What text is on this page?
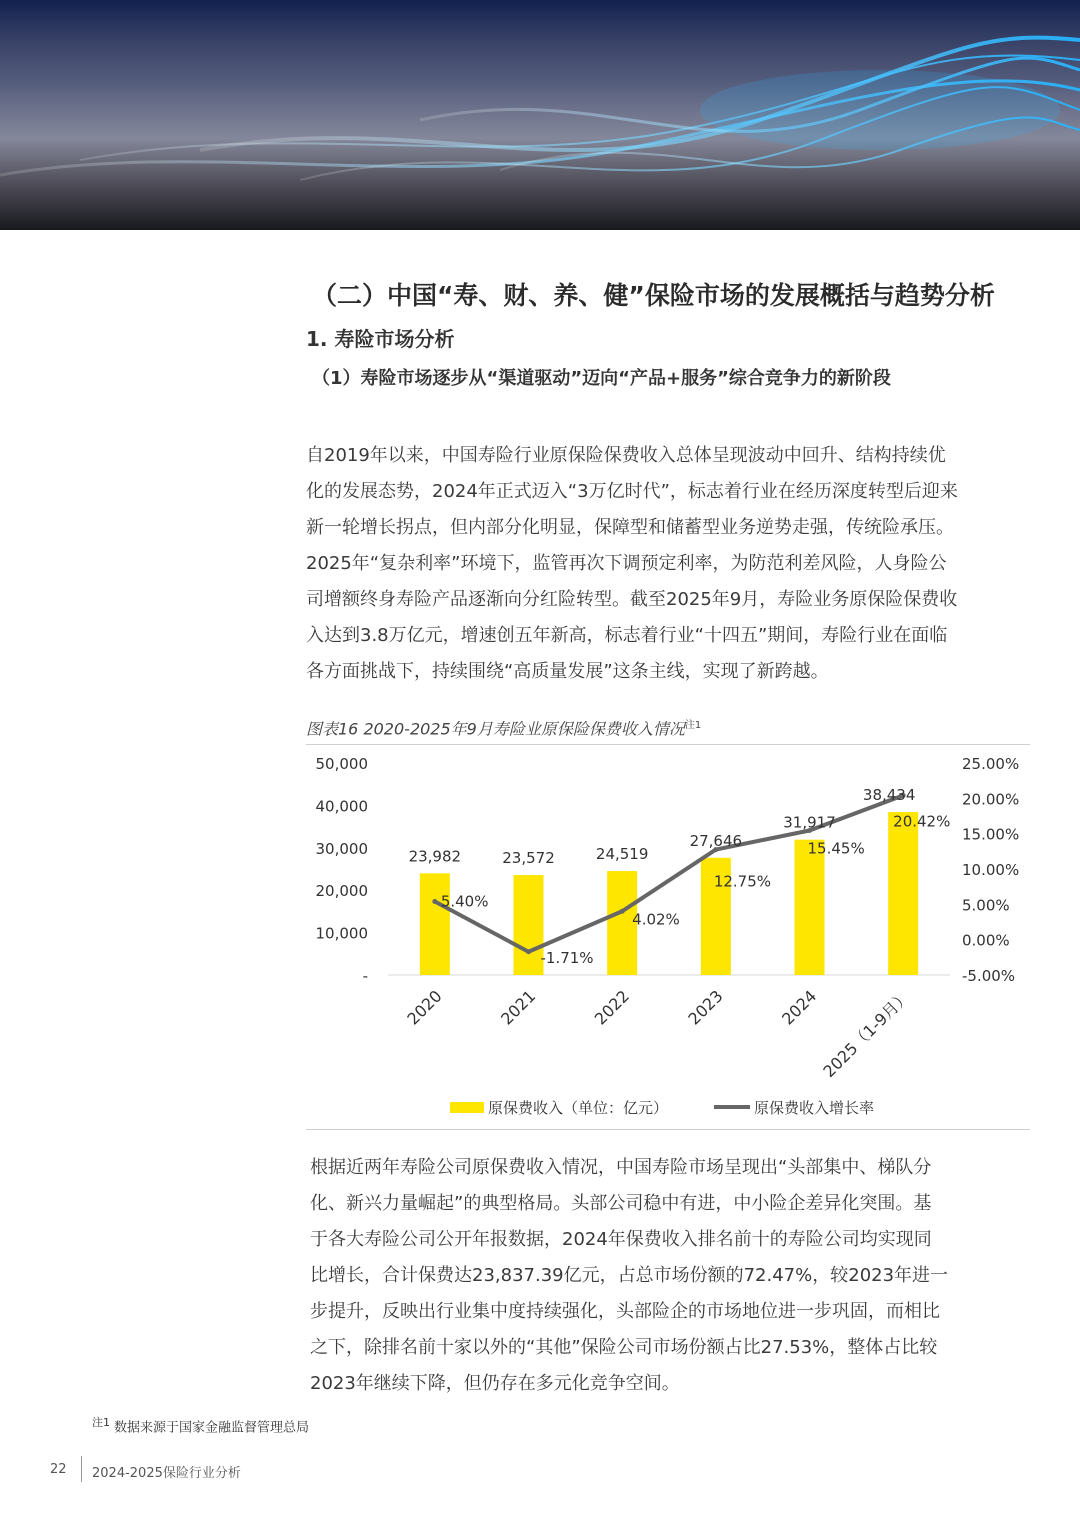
（二）中国“寿、财、养、健”保险市场的发展概括与趋势分析
1. 寿险市场分析
（1）寿险市场逐步从“渠道驱动”迈向“产品+服务”综合竞争力的新阶段

自2019年以来，中国寿险行业原保险保费收入总体呈现波动中回升、结构持续优

化的发展态势，2024年正式迈入“3万亿时代”，标志着行业在经历深度转型后迎来

新一轮增长拐点，但内部分化明显，保障型和储蓄型业务逆势走强，传统险承压。

2025年“复杂利率”环境下，监管再次下调预定利率，为防范利差风险，人身险公

司增额终身寿险产品逐渐向分红险转型。截至2025年9月，寿险业务原保险保费收

入达到3.8万亿元，增速创五年新高，标志着行业“十四五”期间，寿险行业在面临

各方面挑战下，持续围绕“高质量发展”这条主线，实现了新跨越。

图表16 2020-2025年9月寿险业原保险保费收入情况$^{注1}$
-
10,000
20,000
30,000
40,000
50,000
-5.00%
0.00%
5.00%
10.00%
15.00%
20.00%
25.00%
23,982	23,572	24,519
27,646
31,917
38,434
5.40%
-1.71%
4.02%
12.75%
15.45%
20.42%
2020	2021	2022	2023	2024 2025（1-9月）
原保费收入（单位：亿元）	原保费收入增长率

根据近两年寿险公司原保费收入情况，中国寿险市场呈现出“头部集中、梯队分

化、新兴力量崛起”的典型格局。头部公司稳中有进，中小险企差异化突围。基

于各大寿险公司公开年报数据，2024年保费收入排名前十的寿险公司均实现同

比增长，合计保费达23,837.39亿元，占总市场份额的72.47%，较2023年进一

步提升，反映出行业集中度持续强化，头部险企的市场地位进一步巩固，而相比

之下，除排名前十家以外的“其他”保险公司市场份额占比27.53%，整体占比较

2023年继续下降，但仍存在多元化竞争空间。

$^{注1}$ 数据来源于国家金融监督管理总局
22 2024-2025保险行业分析
